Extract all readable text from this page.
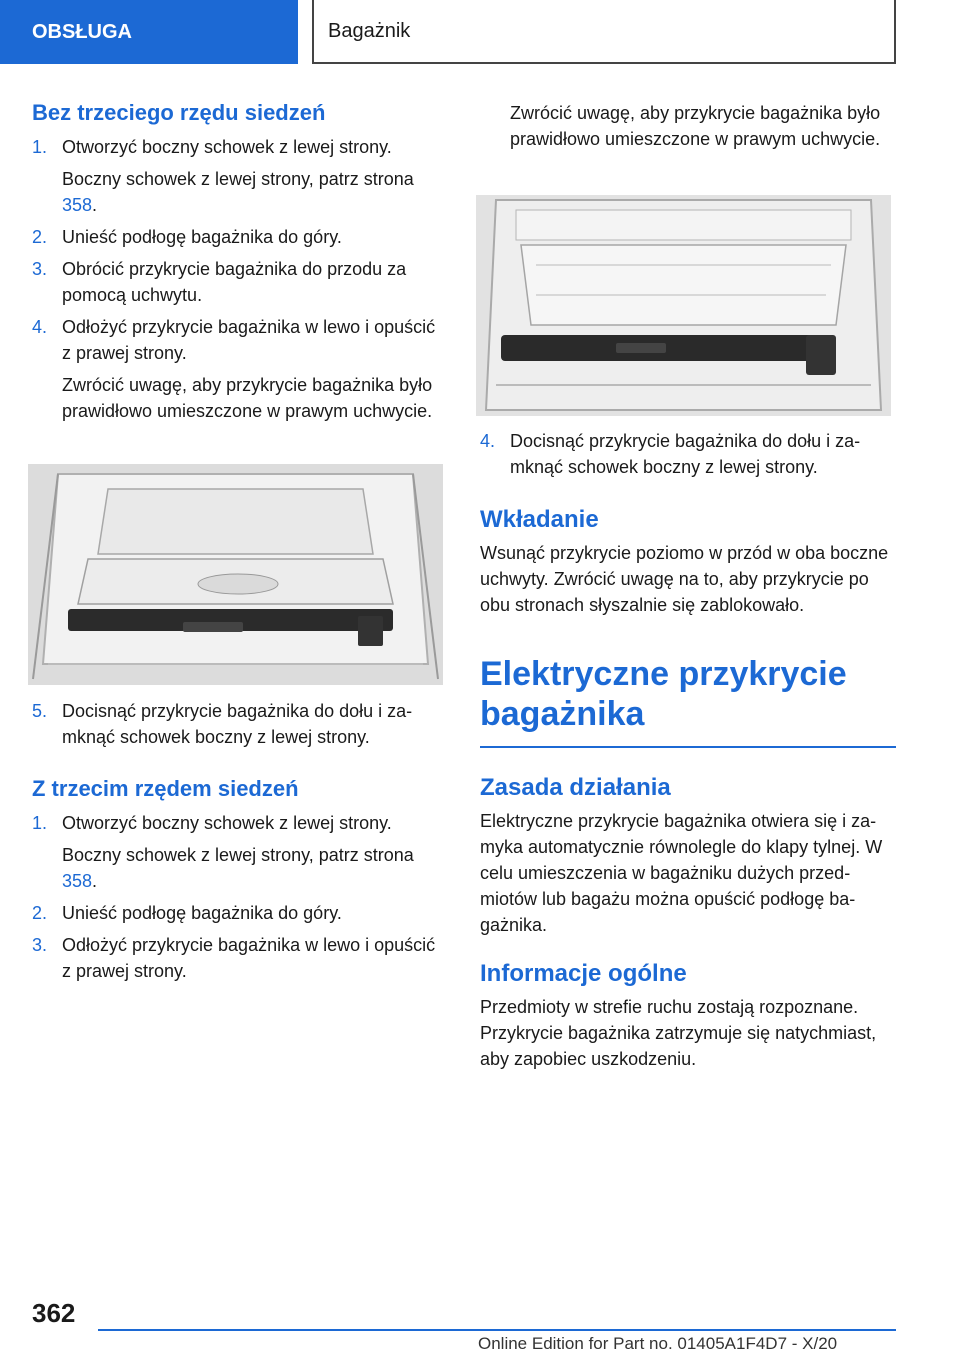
OBSŁUGA	Bagażnik
Bez trzeciego rzędu siedzeń
1. Otworzyć boczny schowek z lewej strony.
Boczny schowek z lewej strony, patrz strona 358.
2. Unieść podłogę bagażnika do góry.
3. Obrócić przykrycie bagażnika do przodu za pomocą uchwytu.
4. Odłożyć przykrycie bagażnika w lewo i opuścić z prawej strony.
Zwrócić uwagę, aby przykrycie bagażnika było prawidłowo umieszczone w prawym uchwycie.
5. Docisnąć przykrycie bagażnika do dołu i zamknąć schowek boczny z lewej strony.
Z trzecim rzędem siedzeń
1. Otworzyć boczny schowek z lewej strony.
Boczny schowek z lewej strony, patrz strona 358.
2. Unieść podłogę bagażnika do góry.
3. Odłożyć przykrycie bagażnika w lewo i opuścić z prawej strony.
Zwrócić uwagę, aby przykrycie bagażnika było prawidłowo umieszczone w prawym uchwycie.
4. Docisnąć przykrycie bagażnika do dołu i zamknąć schowek boczny z lewej strony.
Wkładanie
Wsunąć przykrycie poziomo w przód w oba boczne uchwyty. Zwrócić uwagę na to, aby przykrycie po obu stronach słyszalnie się zablokowało.
Elektryczne przykrycie bagażnika
Zasada działania
Elektryczne przykrycie bagażnika otwiera się i zamyka automatycznie równolegle do klapy tylnej. W celu umieszczenia w bagażniku dużych przedmiotów lub bagażu można opuścić podłogę bagażnika.
Informacje ogólne
Przedmioty w strefie ruchu zostają rozpoznane. Przykrycie bagażnika zatrzymuje się natychmiast, aby zapobiec uszkodzeniu.
362
Online Edition for Part no. 01405A1F4D7 - X/20
